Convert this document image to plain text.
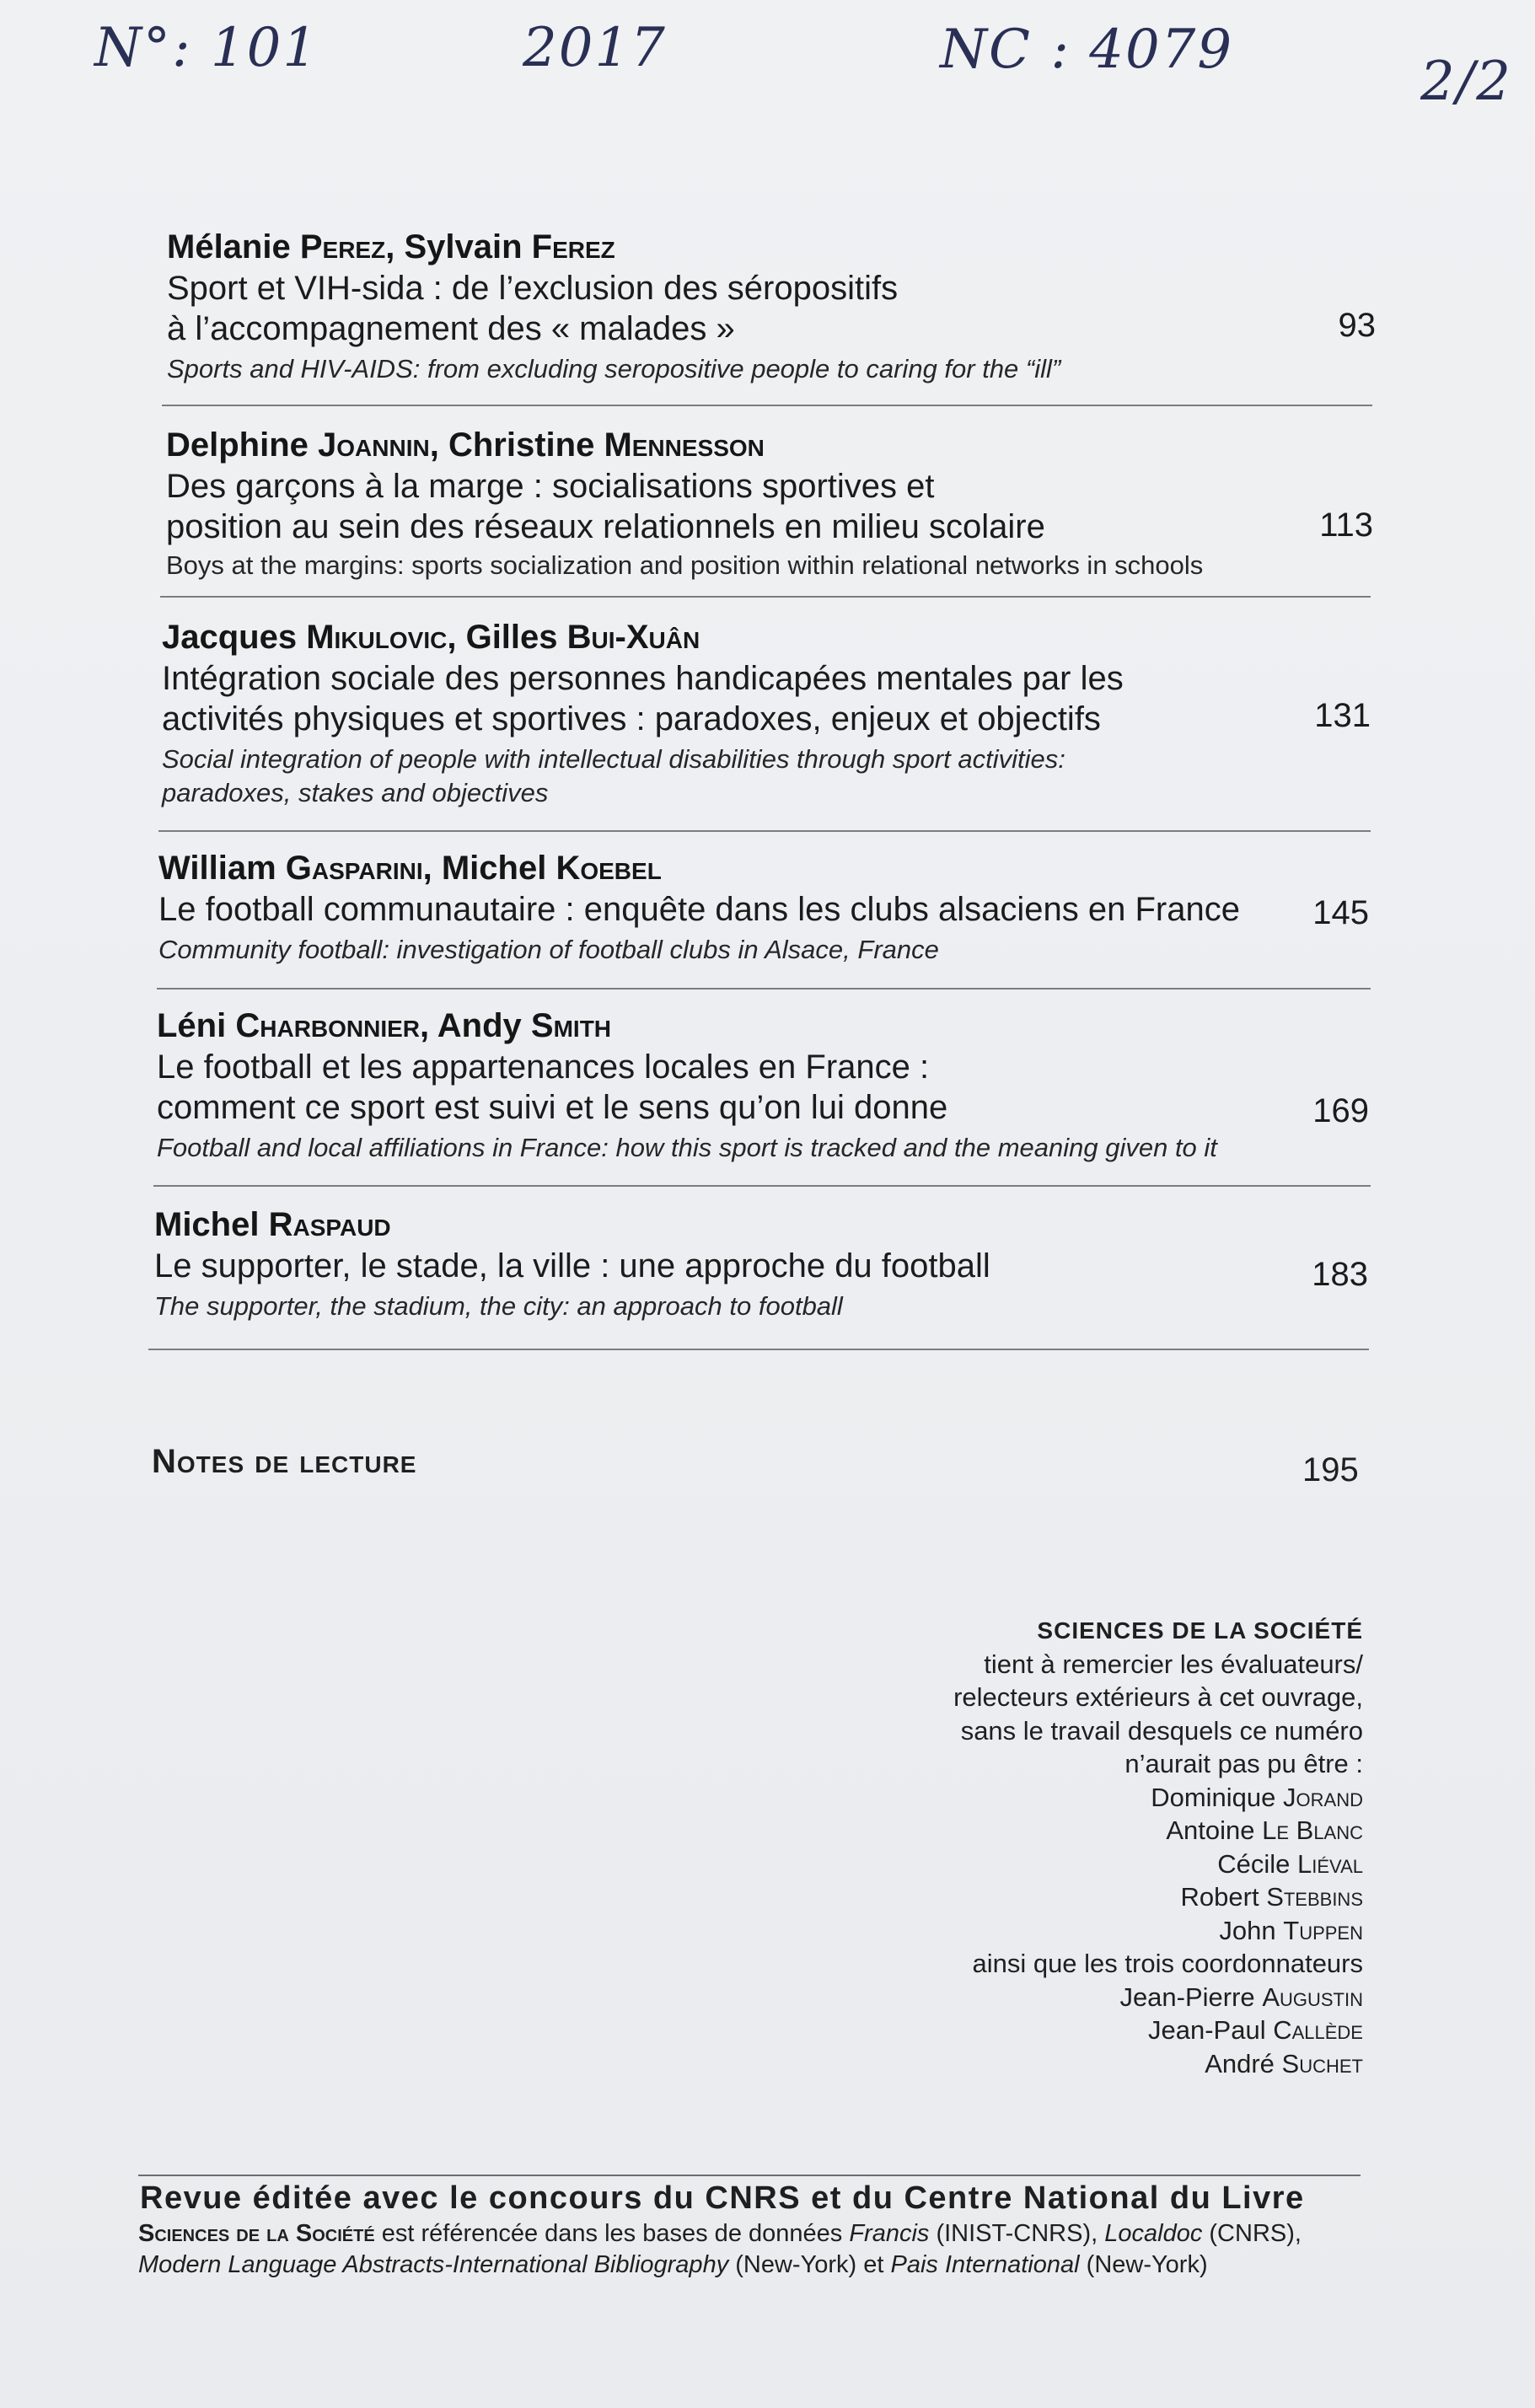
N°: 101	2017	NC : 4079
2/2
Mélanie Perez, Sylvain Ferez
Sport et VIH-sida : de l’exclusion des séropositifs
à l’accompagnement des « malades »
Sports and HIV-AIDS: from excluding seropositive people to caring for the “ill”
93
Delphine Joannin, Christine Mennesson
Des garçons à la marge : socialisations sportives et
position au sein des réseaux relationnels en milieu scolaire
Boys at the margins: sports socialization and position within relational networks in schools
113
Jacques Mikulovic, Gilles Bui-Xuân
Intégration sociale des personnes handicapées mentales par les
activités physiques et sportives : paradoxes, enjeux et objectifs
Social integration of people with intellectual disabilities through sport activities:
paradoxes, stakes and objectives
131
William Gasparini, Michel Koebel
Le football communautaire : enquête dans les clubs alsaciens en France
Community football: investigation of football clubs in Alsace, France
145
Léni Charbonnier, Andy Smith
Le football et les appartenances locales en France :
comment ce sport est suivi et le sens qu’on lui donne
Football and local affiliations in France: how this sport is tracked and the meaning given to it
169
Michel Raspaud
Le supporter, le stade, la ville : une approche du football
The supporter, the stadium, the city: an approach to football
183
Notes de lecture	195
SCIENCES DE LA SOCIÉTÉ
tient à remercier les évaluateurs/
relecteurs extérieurs à cet ouvrage,
sans le travail desquels ce numéro
n’aurait pas pu être :
Dominique Jorand
Antoine Le Blanc
Cécile Liéval
Robert Stebbins
John Tuppen
ainsi que les trois coordonnateurs
Jean-Pierre Augustin
Jean-Paul Callède
André Suchet
Revue éditée avec le concours du CNRS et du Centre National du Livre
Sciences de la Société est référencée dans les bases de données Francis (INIST-CNRS), Localdoc (CNRS),
Modern Language Abstracts-International Bibliography (New-York) et Pais International (New-York)
